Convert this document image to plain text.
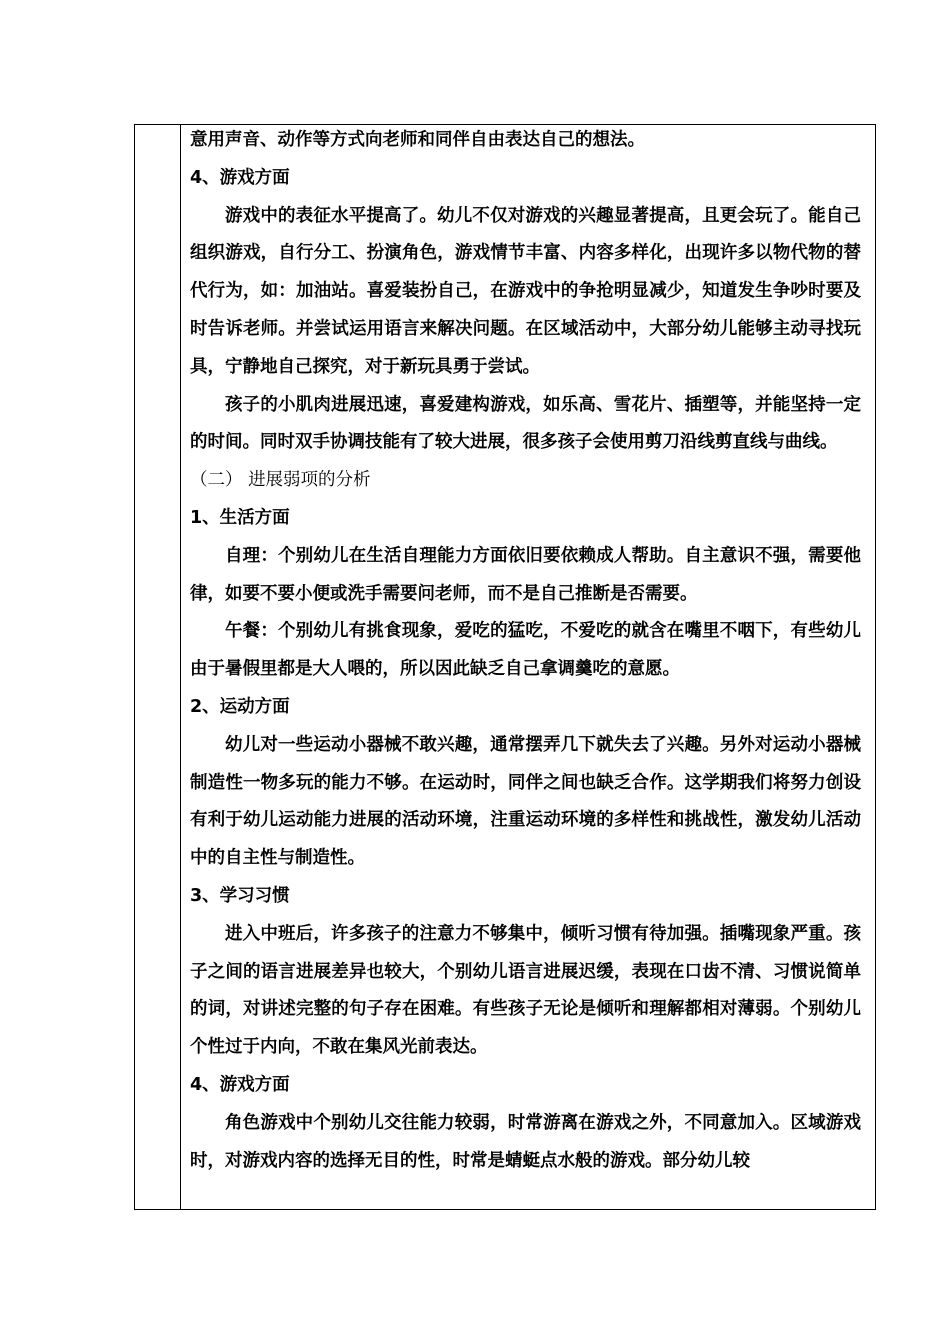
意用声音、动作等方式向老师和同伴自由表达自己的想法。

4、游戏方面

游戏中的表征水平提高了。幼儿不仅对游戏的兴趣显著提高，且更会玩了。能自己组织游戏，自行分工、扮演角色，游戏情节丰富、内容多样化，出现许多以物代物的替代行为，如：加油站。喜爱装扮自己，在游戏中的争抢明显减少，知道发生争吵时要及时告诉老师。并尝试运用语言来解决问题。在区域活动中，大部分幼儿能够主动寻找玩具，宁静地自己探究，对于新玩具勇于尝试。

孩子的小肌肉进展迅速，喜爱建构游戏，如乐高、雪花片、插塑等，并能坚持一定的时间。同时双手协调技能有了较大进展，很多孩子会使用剪刀沿线剪直线与曲线。

（二） 进展弱项的分析

1、生活方面

自理：个别幼儿在生活自理能力方面依旧要依赖成人帮助。自主意识不强，需要他律，如要不要小便或洗手需要问老师，而不是自己推断是否需要。

午餐：个别幼儿有挑食现象，爱吃的猛吃，不爱吃的就含在嘴里不咽下，有些幼儿由于暑假里都是大人喂的，所以因此缺乏自己拿调羹吃的意愿。

2、运动方面

幼儿对一些运动小器械不敢兴趣，通常摆弄几下就失去了兴趣。另外对运动小器械制造性一物多玩的能力不够。在运动时，同伴之间也缺乏合作。这学期我们将努力创设有利于幼儿运动能力进展的活动环境，注重运动环境的多样性和挑战性，激发幼儿活动中的自主性与制造性。

3、学习习惯

进入中班后，许多孩子的注意力不够集中，倾听习惯有待加强。插嘴现象严重。孩子之间的语言进展差异也较大，个别幼儿语言进展迟缓，表现在口齿不清、习惯说简单的词，对讲述完整的句子存在困难。有些孩子无论是倾听和理解都相对薄弱。个别幼儿个性过于内向，不敢在集风光前表达。

4、游戏方面

角色游戏中个别幼儿交往能力较弱，时常游离在游戏之外，不同意加入。区域游戏时，对游戏内容的选择无目的性，时常是蜻蜓点水般的游戏。部分幼儿较
